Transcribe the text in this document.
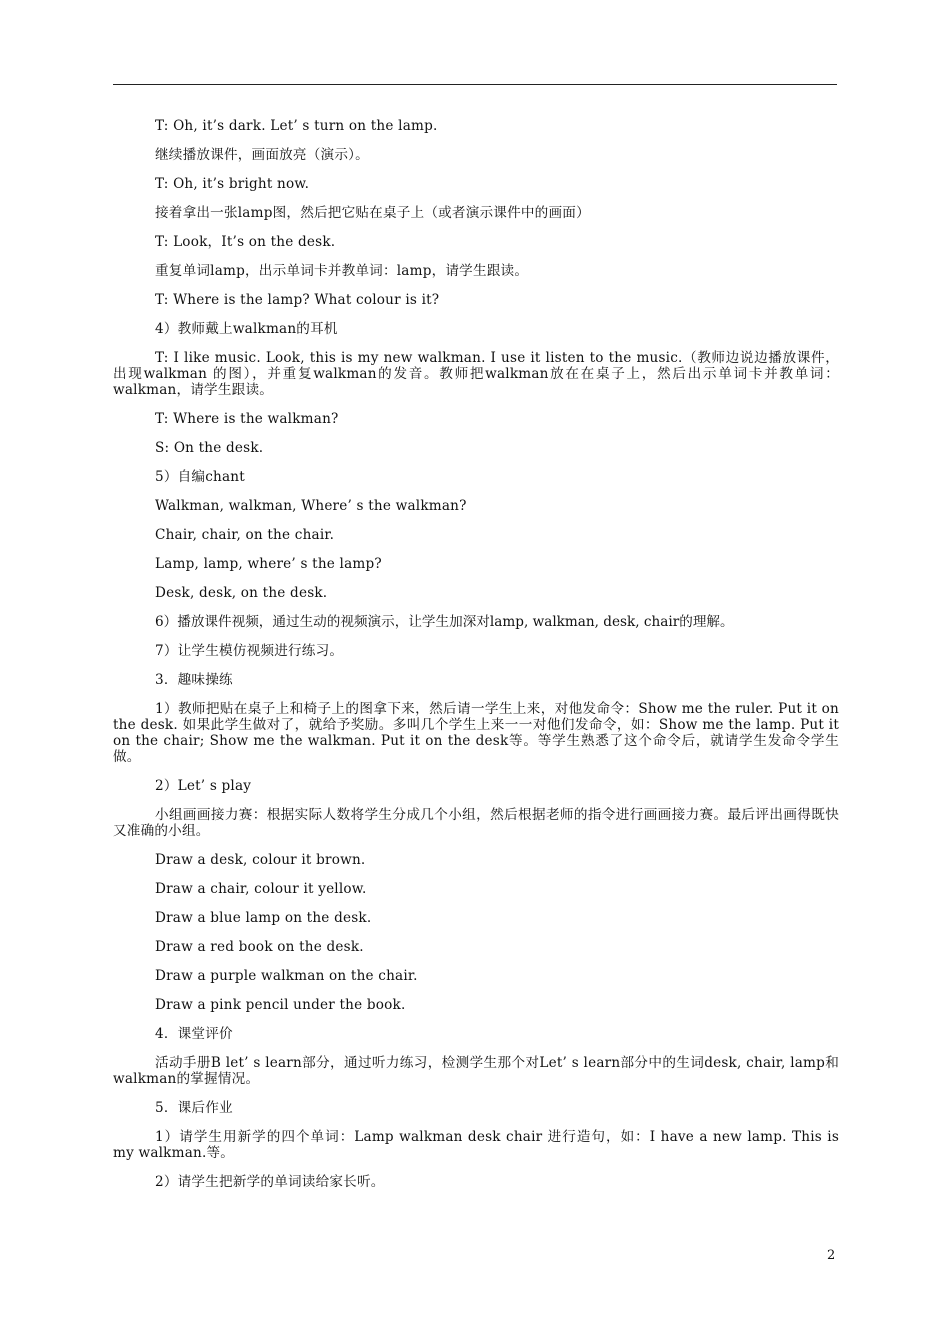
T: Oh, it’s dark. Let’ s turn on the lamp.

继续播放课件，画面放亮（演示）。

T: Oh, it’s bright now.

接着拿出一张lamp图，然后把它贴在桌子上（或者演示课件中的画面）

T: Look，It’s on the desk.

重复单词lamp，出示单词卡并教单词：lamp，请学生跟读。

T: Where is the lamp? What colour is it?

4）教师戴上walkman的耳机

T: I like music. Look, this is my new walkman. I use it listen to the music.（教师边说边播放课件，出现walkman 的图），并重复walkman的发音。教师把walkman放在在桌子上，然后出示单词卡并教单词：walkman，请学生跟读。

T: Where is the walkman?

S: On the desk.

5）自编chant

Walkman, walkman, Where’ s the walkman?

Chair, chair, on the chair.

Lamp, lamp, where’ s the lamp?

Desk, desk, on the desk.

6）播放课件视频，通过生动的视频演示，让学生加深对lamp, walkman, desk, chair的理解。

7）让学生模仿视频进行练习。

3．趣味操练

1）教师把贴在桌子上和椅子上的图拿下来，然后请一学生上来，对他发命令：Show me the ruler. Put it on the desk. 如果此学生做对了，就给予奖励。多叫几个学生上来一一对他们发命令，如：Show me the lamp. Put it on the chair; Show me the walkman. Put it on the desk等。等学生熟悉了这个命令后，就请学生发命令学生做。

2）Let’ s play

小组画画接力赛：根据实际人数将学生分成几个小组，然后根据老师的指令进行画画接力赛。最后评出画得既快又准确的小组。

Draw a desk, colour it brown.

Draw a chair, colour it yellow.

Draw a blue lamp on the desk.

Draw a red book on the desk.

Draw a purple walkman on the chair.

Draw a pink pencil under the book.

4．课堂评价

活动手册B let’ s learn部分，通过听力练习，检测学生那个对Let’ s learn部分中的生词desk, chair, lamp和walkman的掌握情况。

5．课后作业

1）请学生用新学的四个单词：Lamp walkman desk chair 进行造句，如：I have a new lamp. This is my walkman.等。

2）请学生把新学的单词读给家长听。

2
